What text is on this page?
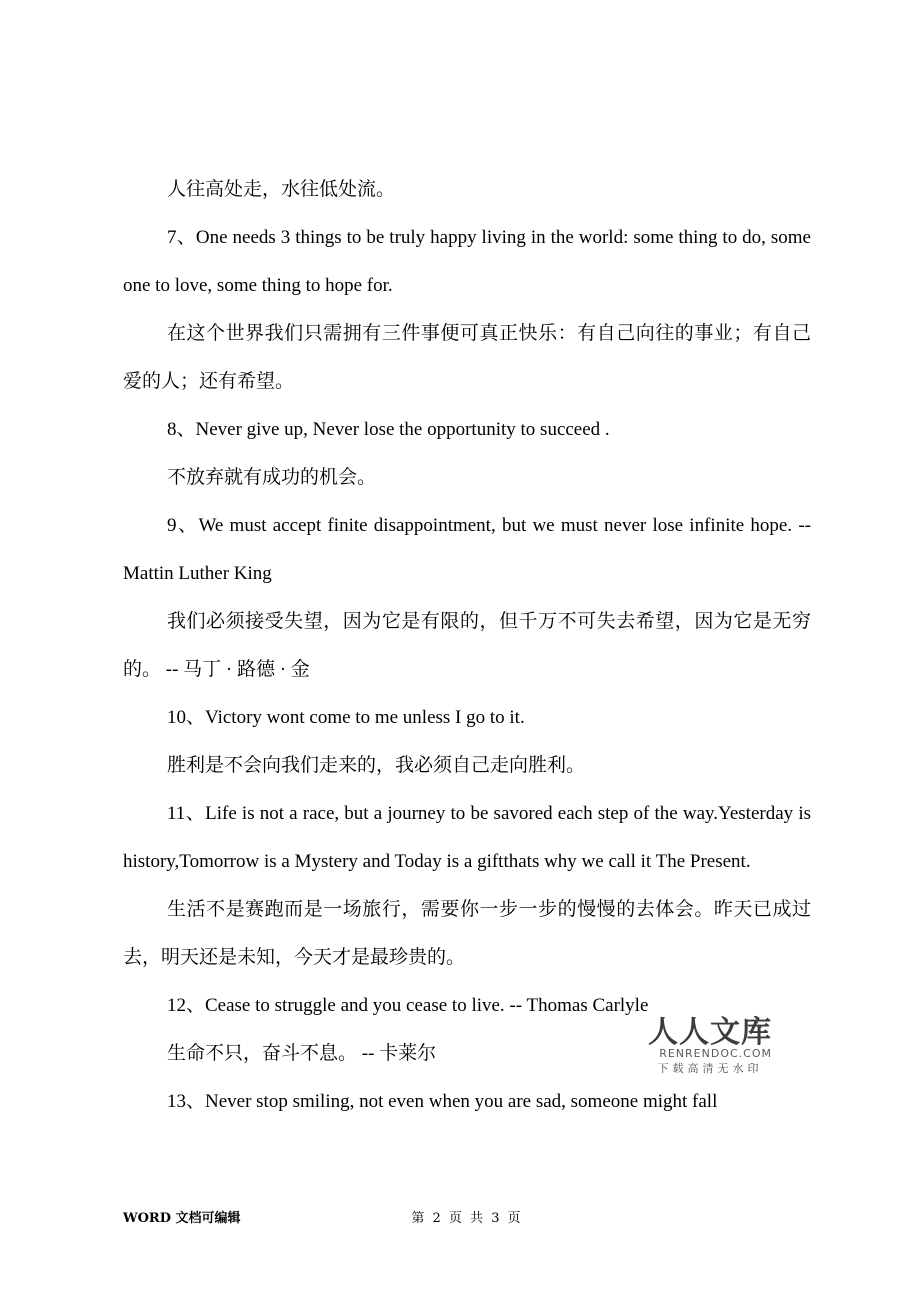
人往高处走，水往低处流。

7、One needs 3 things to be truly happy living in the world: some thing to do, some one to love, some thing to hope for.

在这个世界我们只需拥有三件事便可真正快乐：有自己向往的事业；有自己爱的人；还有希望。

8、Never give up, Never lose the opportunity to succeed .

不放弃就有成功的机会。

9、We must accept finite disappointment, but we must never lose infinite hope. -- Mattin Luther King

我们必须接受失望，因为它是有限的，但千万不可失去希望，因为它是无穷的。 -- 马丁 · 路德 · 金

10、Victory wont come to me unless I go to it.

胜利是不会向我们走来的，我必须自己走向胜利。

11、Life is not a race, but a journey to be savored each step of the way.Yesterday is history,Tomorrow is a Mystery and Today is a giftthats why we call it The Present.

生活不是赛跑而是一场旅行，需要你一步一步的慢慢的去体会。昨天已成过去，明天还是未知，今天才是最珍贵的。

12、Cease to struggle and you cease to live. -- Thomas Carlyle

生命不只，奋斗不息。 -- 卡莱尔

13、Never stop smiling, not even when you are sad, someone might fall

人人文库
RENRENDOC.COM
下载高清无水印
WORD 文档可编辑	第 2 页 共 3 页
